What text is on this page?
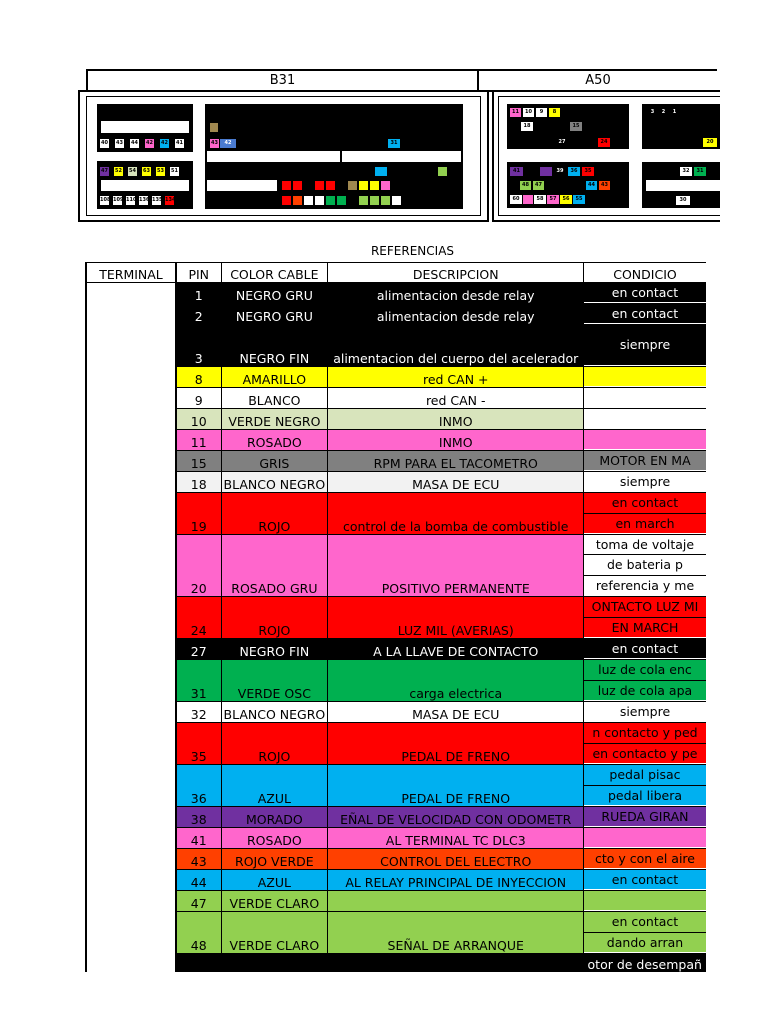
B31	A50
40 43 44 42 42 41
47 52 54 63 53 51
108 109 110 136 135 134
43	42	31
11	10	9	8
18	15
27	24
3	2	1
20
41	39	36	35
48	47	44	43
60	58	57	56	55
32	31
30
REFERENCIAS
TERMINAL	PIN	COLOR CABLE	DESCRIPCION	CONDICIO
	1	NEGRO GRU	alimentacion desde relay	en contact

	2	NEGRO GRU	alimentacion desde relay	en contact

	3	NEGRO FIN	alimentacion del cuerpo del acelerador	siempre

	8	AMARILLO	red CAN +	

	9	BLANCO	red CAN -	

	10	VERDE NEGRO	INMO	

	11	ROSADO	INMO	

	15	GRIS	RPM PARA EL TACOMETRO	MOTOR EN MA

	18	BLANCO NEGRO	MASA DE ECU	siempre

	19	ROJO	control de la bomba de combustible	en contact
en march

	20	ROSADO GRU	POSITIVO PERMANENTE	toma de voltaje
de bateria p
referencia y me

	24	ROJO	LUZ MIL (AVERIAS)	ONTACTO LUZ MI
EN MARCH

	27	NEGRO FIN	A LA LLAVE DE CONTACTO	en contact

	31	VERDE OSC	carga electrica	luz de cola enc
luz de cola apa

	32	BLANCO NEGRO	MASA DE ECU	siempre

	35	ROJO	PEDAL DE FRENO	n contacto y ped
en contacto y pe

	36	AZUL	PEDAL DE FRENO	pedal pisac
pedal libera

	38	MORADO	EÑAL DE VELOCIDAD CON ODOMETR	RUEDA GIRAN

	41	ROSADO	AL TERMINAL TC DLC3	

	43	ROJO VERDE	CONTROL DEL ELECTRO	cto y con el aire

	44	AZUL	AL RELAY PRINCIPAL DE INYECCION	en contact

	47	VERDE CLARO		

	48	VERDE CLARO	SEÑAL DE ARRANQUE	en contact
dando arran

				otor de desempañ
